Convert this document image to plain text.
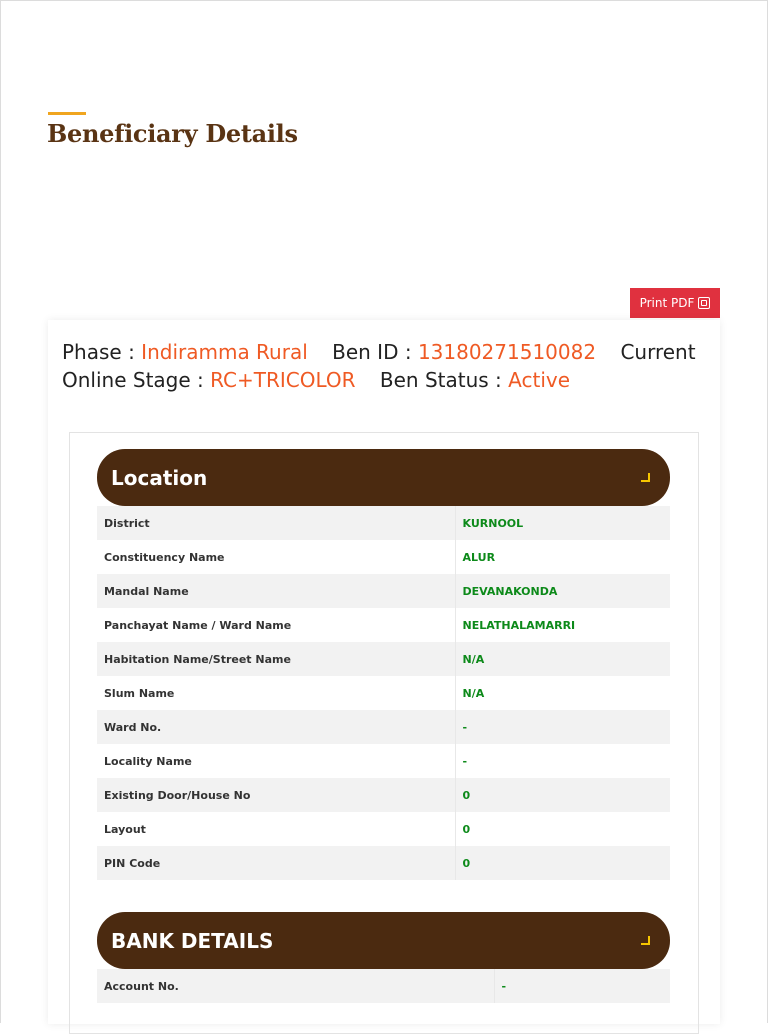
Beneficiary Details
Print PDF
Phase : Indiramma Rural Ben ID : 13180271510082 Current Online Stage : RC+TRICOLOR Ben Status : Active
Location
District	KURNOOL
Constituency Name	ALUR
Mandal Name	DEVANAKONDA
Panchayat Name / Ward Name	NELATHALAMARRI
Habitation Name/Street Name	N/A
Slum Name	N/A
Ward No.	-
Locality Name	-
Existing Door/House No	0
Layout	0
PIN Code	0
BANK DETAILS
Account No.	-
